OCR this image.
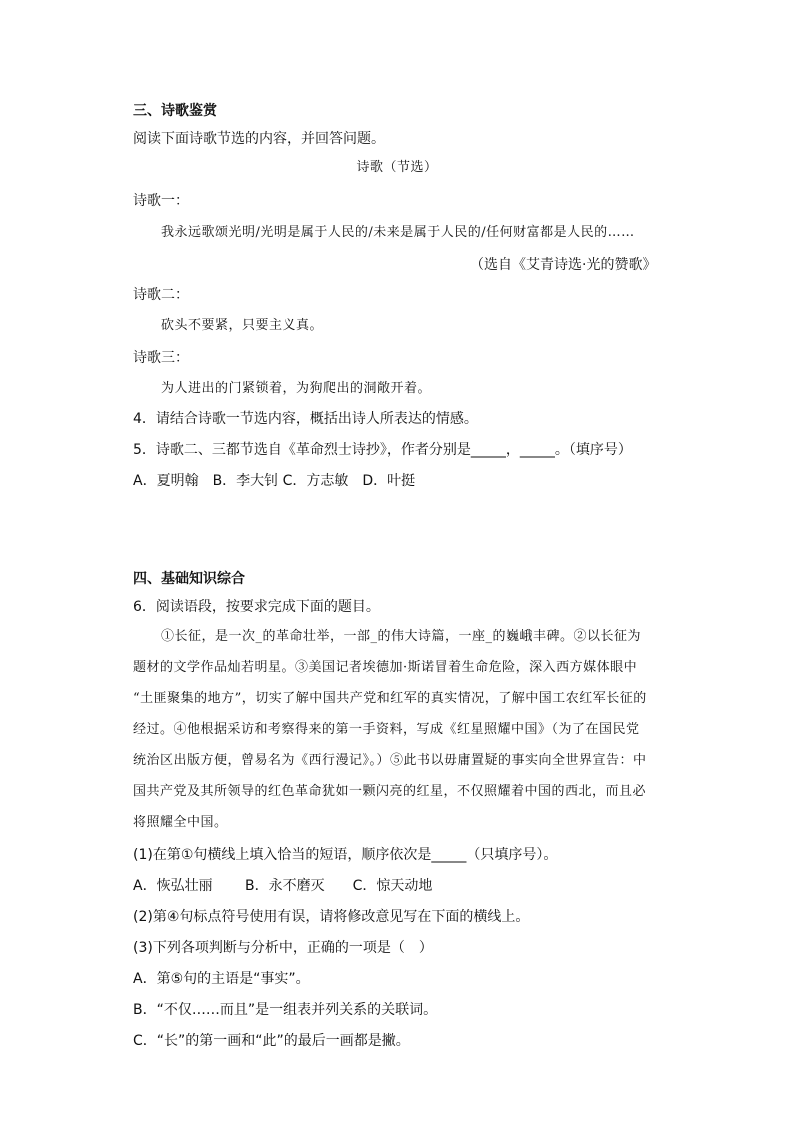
三、诗歌鉴赏
阅读下面诗歌节选的内容，并回答问题。
诗歌（节选）
诗歌一：
我永远歌颂光明/光明是属于人民的/未来是属于人民的/任何财富都是人民的……
（选自《艾青诗选·光的赞歌》
诗歌二：
砍头不要紧，只要主义真。
诗歌三：
为人进出的门紧锁着，为狗爬出的洞敞开着。
4．请结合诗歌一节选内容，概括出诗人所表达的情感。
5．诗歌二、三都节选自《革命烈士诗抄》，作者分别是_____，_____。（填序号）
A．夏明翰　B．李大钊 C．方志敏　D．叶挺
四、基础知识综合
6．阅读语段，按要求完成下面的题目。
①长征，是一次_的革命壮举，一部_的伟大诗篇，一座_的巍峨丰碑。②以长征为
题材的文学作品灿若明星。③美国记者埃德加·斯诺冒着生命危险，深入西方媒体眼中
“土匪聚集的地方”，切实了解中国共产党和红军的真实情况，了解中国工农红军长征的
经过。④他根据采访和考察得来的第一手资料，写成《红星照耀中国》（为了在国民党
统治区出版方便，曾易名为《西行漫记》。）⑤此书以毋庸置疑的事实向全世界宣告：中
国共产党及其所领导的红色革命犹如一颗闪亮的红星，不仅照耀着中国的西北，而且必
将照耀全中国。
(1)在第①句横线上填入恰当的短语，顺序依次是_____（只填序号）。
A．恢弘壮丽　　 B．永不磨灭　　C．惊天动地
(2)第④句标点符号使用有误，请将修改意见写在下面的横线上。
(3)下列各项判断与分析中，正确的一项是（　）
A．第⑤句的主语是“事实”。
B．“不仅……而且”是一组表并列关系的关联词。
C．“长”的第一画和“此”的最后一画都是撇。
